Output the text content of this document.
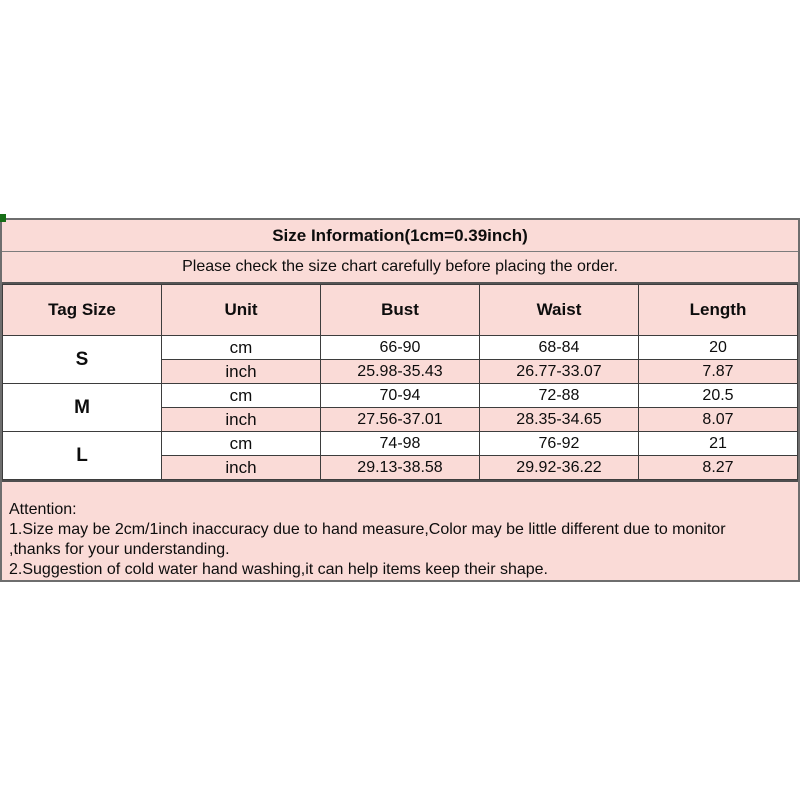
Size Information(1cm=0.39inch)
Please check the size chart carefully before placing the order.
Tag Size	Unit	Bust	Waist	Length
S	cm	66-90	68-84	20
	inch	25.98-35.43	26.77-33.07	7.87
M	cm	70-94	72-88	20.5
	inch	27.56-37.01	28.35-34.65	8.07
L	cm	74-98	76-92	21
	inch	29.13-38.58	29.92-36.22	8.27
Attention:
1.Size may be 2cm/1inch inaccuracy due to hand measure,Color may be little different due to monitor
,thanks for your understanding.
2.Suggestion of cold water hand washing,it can help items keep their shape.
